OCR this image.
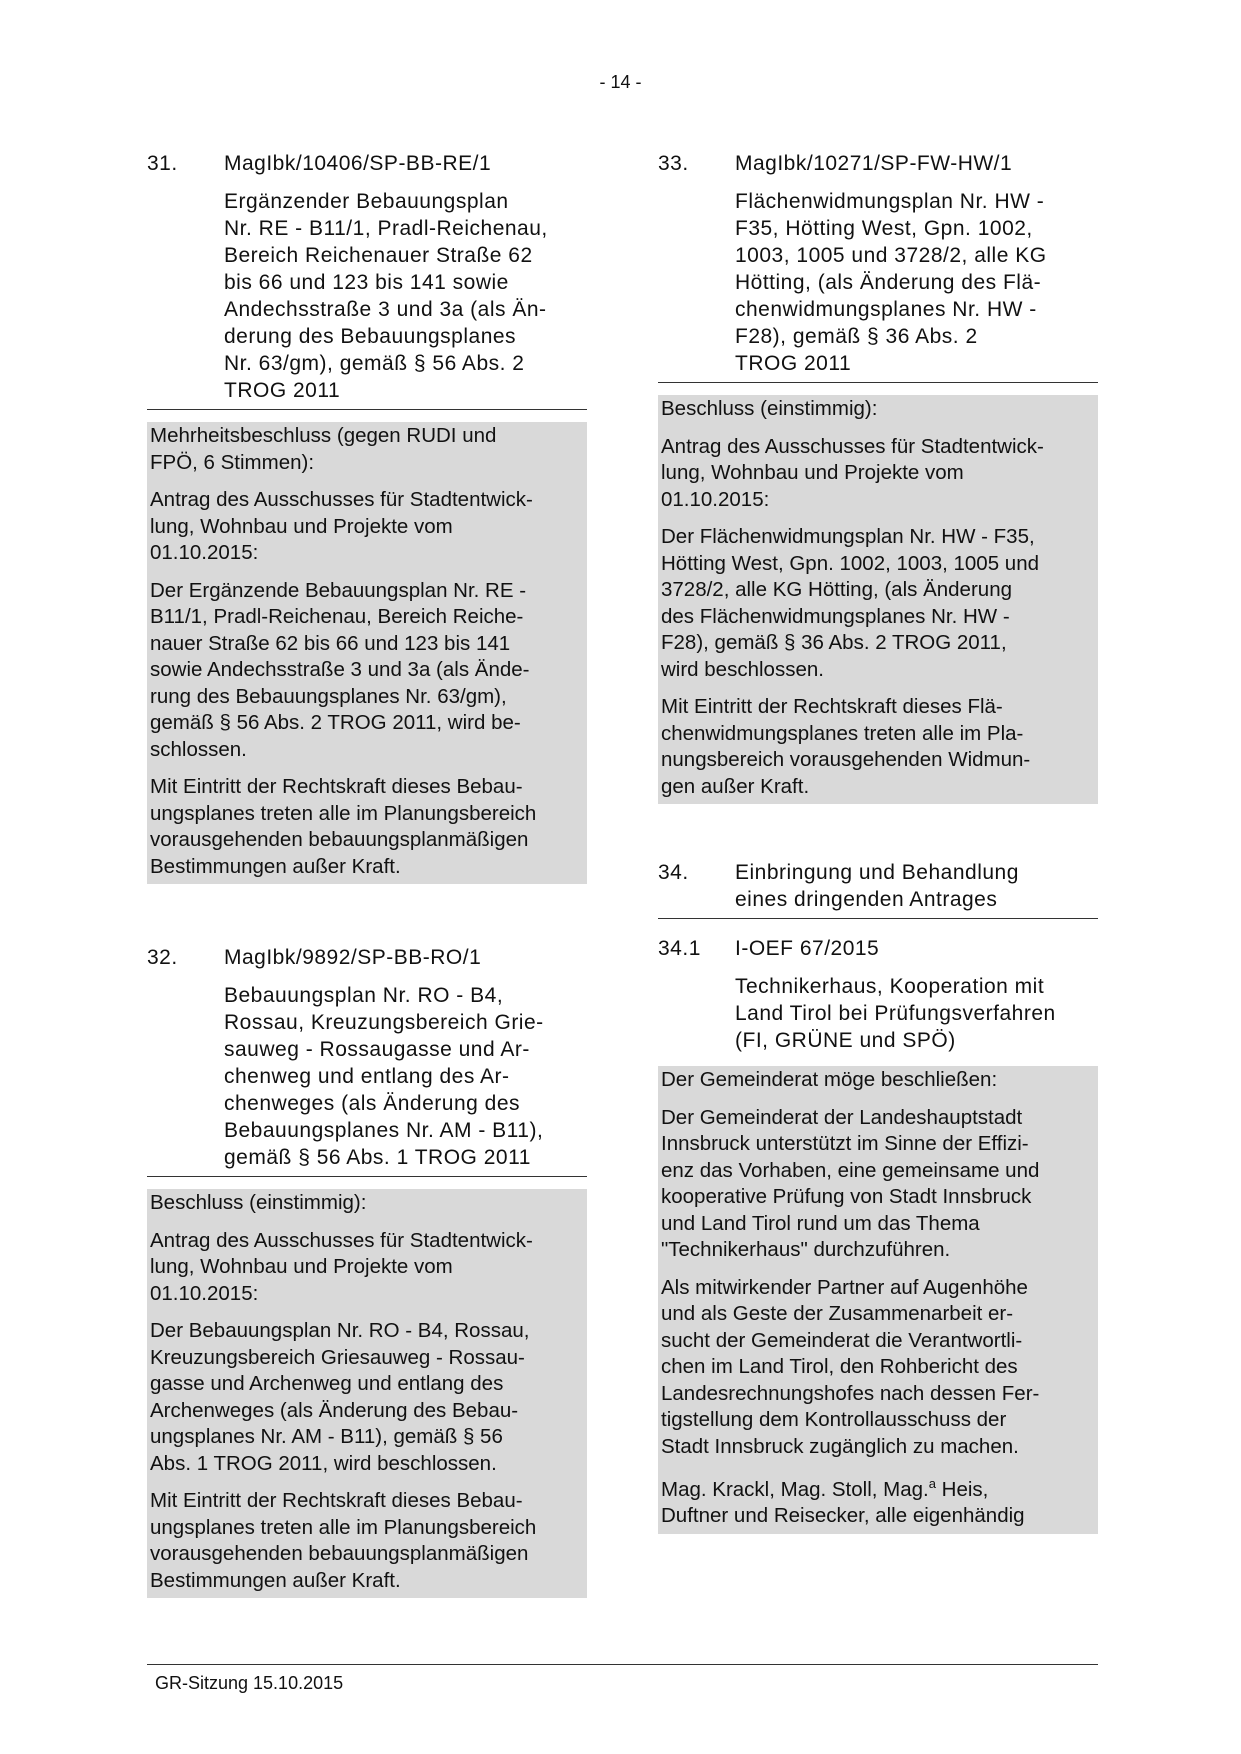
- 14 -
31.	MagIbk/10406/SP-BB-RE/1
Ergänzender Bebauungsplan
Nr. RE - B11/1, Pradl-Reichenau,
Bereich Reichenauer Straße 62
bis 66 und 123 bis 141 sowie
Andechsstraße 3 und 3a (als Än-
derung des Bebauungsplanes
Nr. 63/gm), gemäß § 56 Abs. 2
TROG 2011

Mehrheitsbeschluss (gegen RUDI und
FPÖ, 6 Stimmen):

Antrag des Ausschusses für Stadtentwick-
lung, Wohnbau und Projekte vom
01.10.2015:

Der Ergänzende Bebauungsplan Nr. RE -
B11/1, Pradl-Reichenau, Bereich Reiche-
nauer Straße 62 bis 66 und 123 bis 141
sowie Andechsstraße 3 und 3a (als Ände-
rung des Bebauungsplanes Nr. 63/gm),
gemäß § 56 Abs. 2 TROG 2011, wird be-
schlossen.

Mit Eintritt der Rechtskraft dieses Bebau-
ungsplanes treten alle im Planungsbereich
vorausgehenden bebauungsplanmäßigen
Bestimmungen außer Kraft.

32.	MagIbk/9892/SP-BB-RO/1
Bebauungsplan Nr. RO - B4,
Rossau, Kreuzungsbereich Grie-
sauweg - Rossaugasse und Ar-
chenweg und entlang des Ar-
chenweges (als Änderung des
Bebauungsplanes Nr. AM - B11),
gemäß § 56 Abs. 1 TROG 2011

Beschluss (einstimmig):

Antrag des Ausschusses für Stadtentwick-
lung, Wohnbau und Projekte vom
01.10.2015:

Der Bebauungsplan Nr. RO - B4, Rossau,
Kreuzungsbereich Griesauweg - Rossau-
gasse und Archenweg und entlang des
Archenweges (als Änderung des Bebau-
ungsplanes Nr. AM - B11), gemäß § 56
Abs. 1 TROG 2011, wird beschlossen.

Mit Eintritt der Rechtskraft dieses Bebau-
ungsplanes treten alle im Planungsbereich
vorausgehenden bebauungsplanmäßigen
Bestimmungen außer Kraft.

33.	MagIbk/10271/SP-FW-HW/1
Flächenwidmungsplan Nr. HW -
F35, Hötting West, Gpn. 1002,
1003, 1005 und 3728/2, alle KG
Hötting, (als Änderung des Flä-
chenwidmungsplanes Nr. HW -
F28), gemäß § 36 Abs. 2
TROG 2011

Beschluss (einstimmig):

Antrag des Ausschusses für Stadtentwick-
lung, Wohnbau und Projekte vom
01.10.2015:

Der Flächenwidmungsplan Nr. HW - F35,
Hötting West, Gpn. 1002, 1003, 1005 und
3728/2, alle KG Hötting, (als Änderung
des Flächenwidmungsplanes Nr. HW -
F28), gemäß § 36 Abs. 2 TROG 2011,
wird beschlossen.

Mit Eintritt der Rechtskraft dieses Flä-
chenwidmungsplanes treten alle im Pla-
nungsbereich vorausgehenden Widmun-
gen außer Kraft.

34.	Einbringung und Behandlung
eines dringenden Antrages
34.1	I-OEF 67/2015
Technikerhaus, Kooperation mit
Land Tirol bei Prüfungsverfahren
(FI, GRÜNE und SPÖ)

Der Gemeinderat möge beschließen:

Der Gemeinderat der Landeshauptstadt
Innsbruck unterstützt im Sinne der Effizi-
enz das Vorhaben, eine gemeinsame und
kooperative Prüfung von Stadt Innsbruck
und Land Tirol rund um das Thema
"Technikerhaus" durchzuführen.

Als mitwirkender Partner auf Augenhöhe
und als Geste der Zusammenarbeit er-
sucht der Gemeinderat die Verantwortli-
chen im Land Tirol, den Rohbericht des
Landesrechnungshofes nach dessen Fer-
tigstellung dem Kontrollausschuss der
Stadt Innsbruck zugänglich zu machen.

Mag. Krackl, Mag. Stoll, Mag.$^a$ Heis,
Duftner und Reisecker, alle eigenhändig

GR-Sitzung 15.10.2015
